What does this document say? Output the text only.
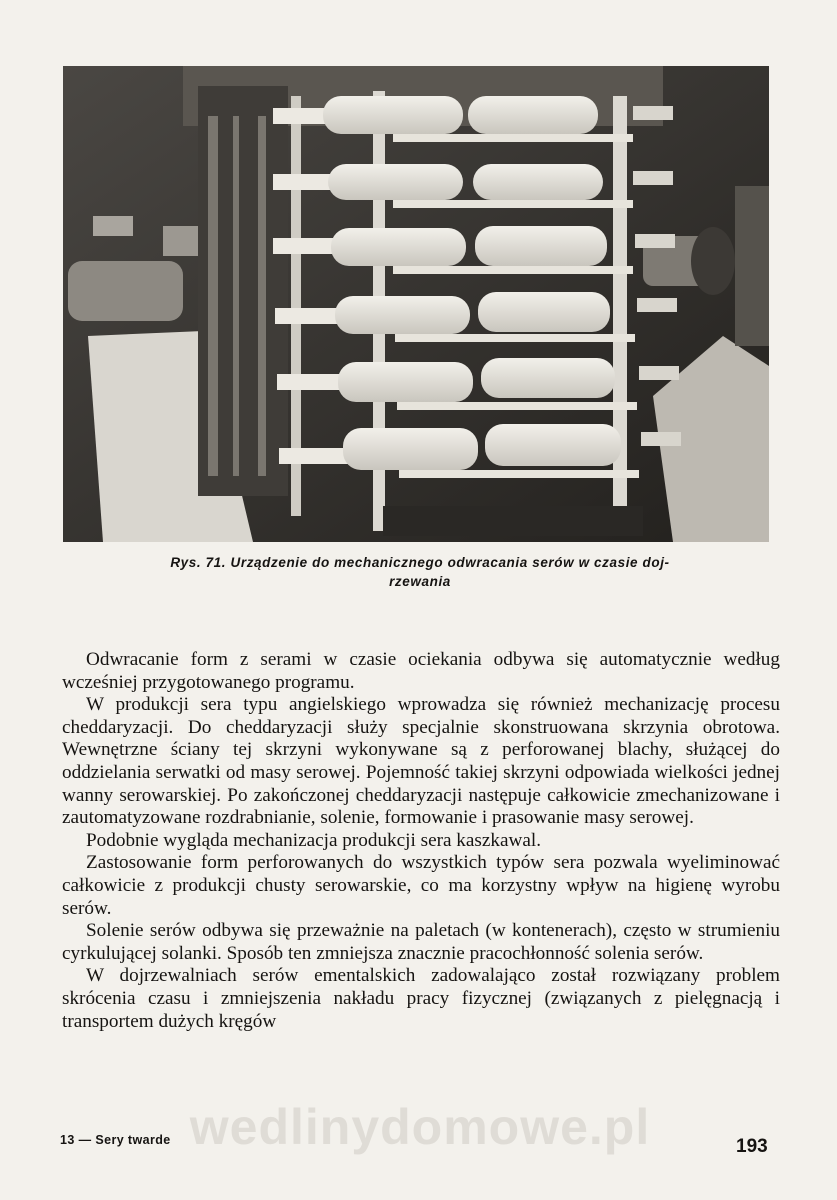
Rys. 71. Urządzenie do mechanicznego odwracania serów w czasie doj-
rzewania

Odwracanie form z serami w czasie ociekania odbywa się automatycznie według wcześniej przygotowanego programu.

W produkcji sera typu angielskiego wprowadza się również mechanizację procesu cheddaryzacji. Do cheddaryzacji służy specjalnie skonstruowana skrzynia obrotowa. Wewnętrzne ściany tej skrzyni wykonywane są z perforowanej blachy, służącej do oddzielania serwatki od masy serowej. Pojemność takiej skrzyni odpowiada wielkości jednej wanny serowarskiej. Po zakończonej cheddaryzacji następuje całkowicie zmechanizowane i zautomatyzowane rozdrabnianie, solenie, formowanie i prasowanie masy serowej.

Podobnie wygląda mechanizacja produkcji sera kaszkawal.

Zastosowanie form perforowanych do wszystkich typów sera pozwala wyeliminować całkowicie z produkcji chusty serowarskie, co ma korzystny wpływ na higienę wyrobu serów.

Solenie serów odbywa się przeważnie na paletach (w kontenerach), często w strumieniu cyrkulującej solanki. Sposób ten zmniejsza znacznie pracochłonność solenia serów.

W dojrzewalniach serów ementalskich zadowalająco został rozwiązany problem skrócenia czasu i zmniejszenia nakładu pracy fizycznej (związanych z pielęgnacją i transportem dużych kręgów

wedlinydomowe.pl
13 — Sery twarde	193
